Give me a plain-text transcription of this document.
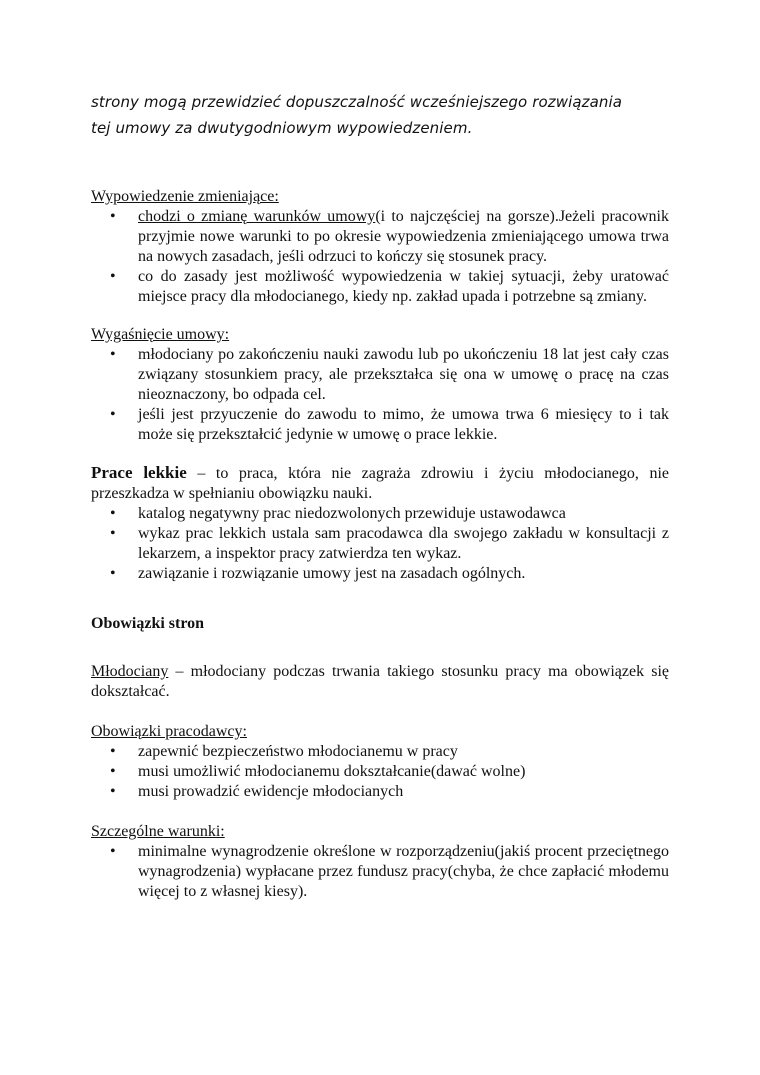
strony mogą przewidzieć dopuszczalność wcześniejszego rozwiązania
tej umowy za dwutygodniowym wypowiedzeniem.

Wypowiedzenie zmieniające:

• chodzi o zmianę warunków umowy(i to najczęściej na gorsze).Jeżeli pracownik przyjmie nowe warunki to po okresie wypowiedzenia zmieniającego umowa trwa na nowych zasadach, jeśli odrzuci to kończy się stosunek pracy.
• co do zasady jest możliwość wypowiedzenia w takiej sytuacji, żeby uratować miejsce pracy dla młodocianego, kiedy np. zakład upada i potrzebne są zmiany.

Wygaśnięcie umowy:

• młodociany po zakończeniu nauki zawodu lub po ukończeniu 18 lat jest cały czas związany stosunkiem pracy, ale przekształca się ona w umowę o pracę na czas nieoznaczony, bo odpada cel.
• jeśli jest przyuczenie do zawodu to mimo, że umowa trwa 6 miesięcy to i tak może się przekształcić jedynie w umowę o prace lekkie.

Prace lekkie – to praca, która nie zagraża zdrowiu i życiu młodocianego, nie przeszkadza w spełnianiu obowiązku nauki.

• katalog negatywny prac niedozwolonych przewiduje ustawodawca
• wykaz prac lekkich ustala sam pracodawca dla swojego zakładu w konsultacji z lekarzem, a inspektor pracy zatwierdza ten wykaz.
• zawiązanie i rozwiązanie umowy jest na zasadach ogólnych.

Obowiązki stron

Młodociany – młodociany podczas trwania takiego stosunku pracy ma obowiązek się dokształcać.

Obowiązki pracodawcy:

• zapewnić bezpieczeństwo młodocianemu w pracy
• musi umożliwić młodocianemu dokształcanie(dawać wolne)
• musi prowadzić ewidencje młodocianych

Szczególne warunki:

• minimalne wynagrodzenie określone w rozporządzeniu(jakiś procent przeciętnego wynagrodzenia) wypłacane przez fundusz pracy(chyba, że chce zapłacić młodemu więcej to z własnej kiesy).
